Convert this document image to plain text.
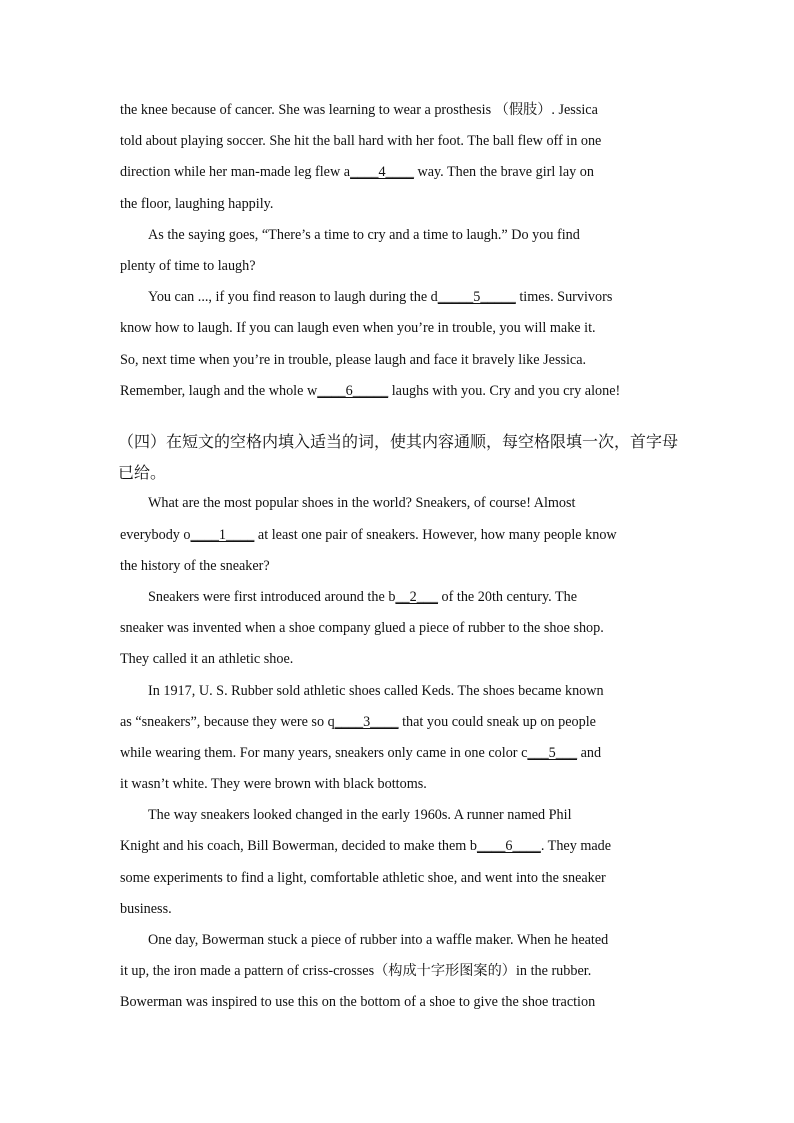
the knee because of cancer. She was learning to wear a prosthesis （假肢）. Jessica
told about playing soccer. She hit the ball hard with her foot. The ball flew off in one
direction while her man-made leg flew a____4____ way. Then the brave girl lay on
the floor, laughing happily.
As the saying goes, “There’s a time to cry and a time to laugh.” Do you find
plenty of time to laugh?
You can ..., if you find reason to laugh during the d_____5_____ times. Survivors
know how to laugh. If you can laugh even when you’re in trouble, you will make it.
So, next time when you’re in trouble, please laugh and face it bravely like Jessica.
Remember, laugh and the whole w____6_____ laughs with you. Cry and you cry alone!
（四）在短文的空格内填入适当的词，使其内容通顺，每空格限填一次，首字母
已给。
What are the most popular shoes in the world? Sneakers, of course! Almost
everybody o____1____ at least one pair of sneakers. However, how many people know
the history of the sneaker?
Sneakers were first introduced around the b__2___ of the 20th century. The
sneaker was invented when a shoe company glued a piece of rubber to the shoe shop.
They called it an athletic shoe.
In 1917, U. S. Rubber sold athletic shoes called Keds. The shoes became known
as “sneakers”, because they were so q____3____ that you could sneak up on people
while wearing them. For many years, sneakers only came in one color c___5___ and
it wasn’t white. They were brown with black bottoms.
The way sneakers looked changed in the early 1960s. A runner named Phil
Knight and his coach, Bill Bowerman, decided to make them b____6____. They made
some experiments to find a light, comfortable athletic shoe, and went into the sneaker
business.
One day, Bowerman stuck a piece of rubber into a waffle maker. When he heated
it up, the iron made a pattern of criss-crosses（构成十字形图案的）in the rubber.
Bowerman was inspired to use this on the bottom of a shoe to give the shoe traction
